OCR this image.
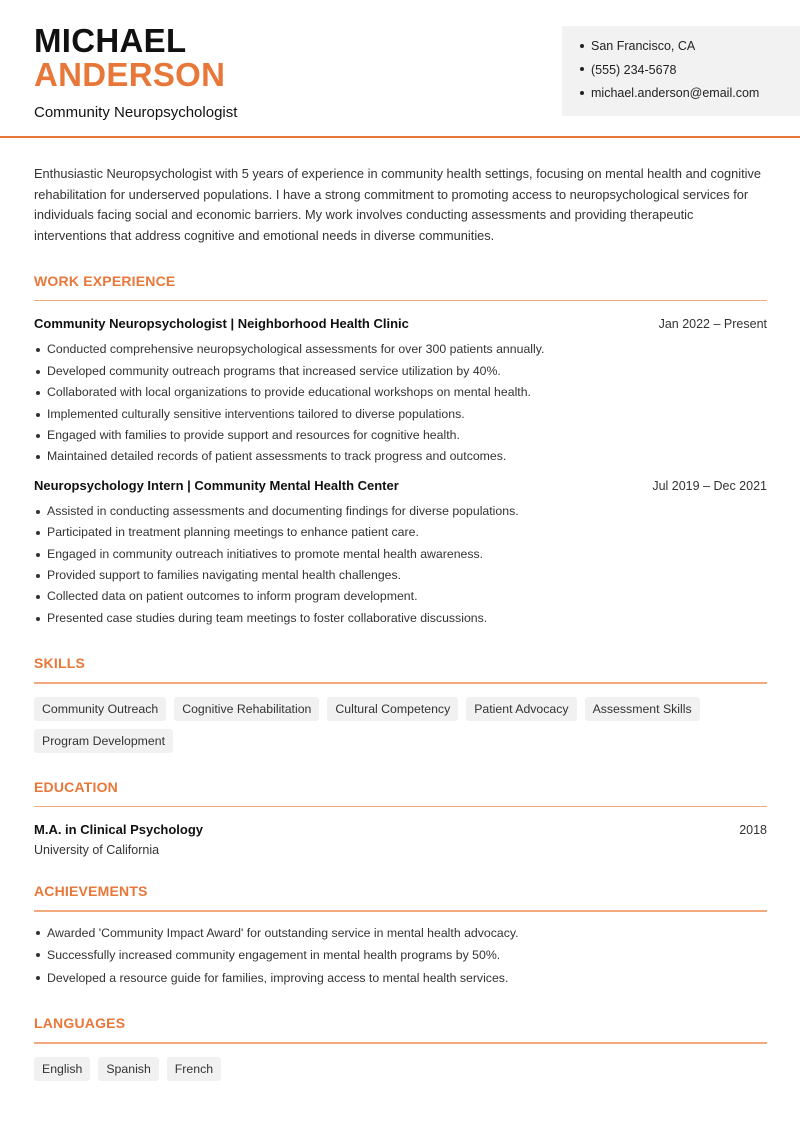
MICHAEL
ANDERSON
Community Neuropsychologist
San Francisco, CA
(555) 234-5678
michael.anderson@email.com

Enthusiastic Neuropsychologist with 5 years of experience in community health settings, focusing on mental health and cognitive rehabilitation for underserved populations. I have a strong commitment to promoting access to neuropsychological services for individuals facing social and economic barriers. My work involves conducting assessments and providing therapeutic interventions that address cognitive and emotional needs in diverse communities.

WORK EXPERIENCE
Community Neuropsychologist | Neighborhood Health Clinic	Jan 2022 – Present
Conducted comprehensive neuropsychological assessments for over 300 patients annually.
Developed community outreach programs that increased service utilization by 40%.
Collaborated with local organizations to provide educational workshops on mental health.
Implemented culturally sensitive interventions tailored to diverse populations.
Engaged with families to provide support and resources for cognitive health.
Maintained detailed records of patient assessments to track progress and outcomes.
Neuropsychology Intern | Community Mental Health Center	Jul 2019 – Dec 2021
Assisted in conducting assessments and documenting findings for diverse populations.
Participated in treatment planning meetings to enhance patient care.
Engaged in community outreach initiatives to promote mental health awareness.
Provided support to families navigating mental health challenges.
Collected data on patient outcomes to inform program development.
Presented case studies during team meetings to foster collaborative discussions.
SKILLS
Community Outreach	Cognitive Rehabilitation	Cultural Competency	Patient Advocacy	Assessment Skills
Program Development
EDUCATION
M.A. in Clinical Psychology	2018
University of California
ACHIEVEMENTS
Awarded 'Community Impact Award' for outstanding service in mental health advocacy.
Successfully increased community engagement in mental health programs by 50%.
Developed a resource guide for families, improving access to mental health services.
LANGUAGES
English	Spanish	French
